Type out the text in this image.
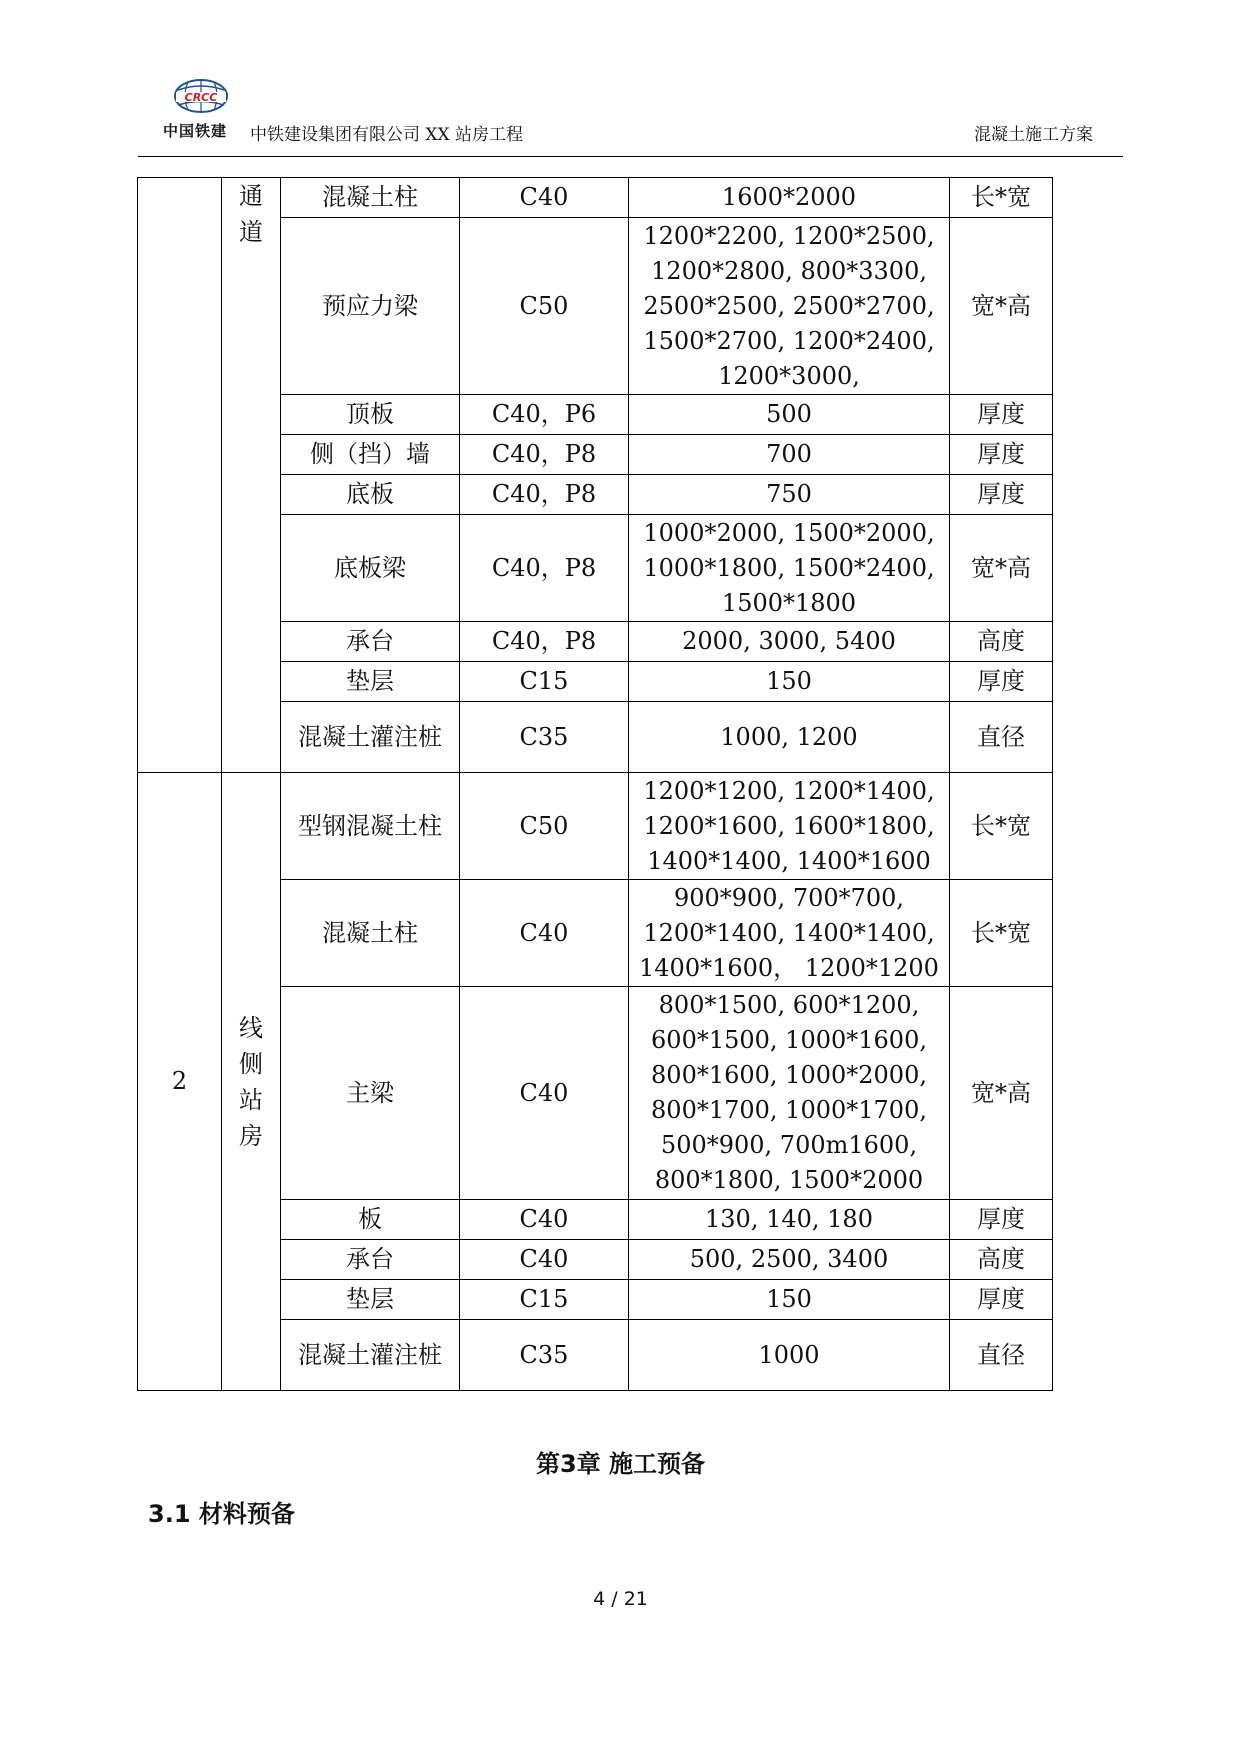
CRCC
中国铁建 中铁建设集团有限公司 XX 站房工程	混凝土施工方案

	通道	混凝土柱	C40	1600*2000	长*宽
		预应力梁	C50	1200*2200, 1200*2500, 1200*2800, 800*3300, 2500*2500, 2500*2700, 1500*2700, 1200*2400, 1200*3000,	宽*高
		顶板	C40，P6	500	厚度
		侧（挡）墙	C40，P8	700	厚度
		底板	C40，P8	750	厚度
		底板梁	C40，P8	1000*2000, 1500*2000, 1000*1800, 1500*2400, 1500*1800	宽*高
		承台	C40，P8	2000, 3000, 5400	高度
		垫层	C15	150	厚度
		混凝土灌注桩	C35	1000, 1200	直径
2	线侧站房	型钢混凝土柱	C50	1200*1200, 1200*1400, 1200*1600, 1600*1800, 1400*1400, 1400*1600	长*宽
		混凝土柱	C40	900*900, 700*700, 1200*1400, 1400*1400, 1400*1600， 1200*1200	长*宽
		主梁	C40	800*1500, 600*1200, 600*1500, 1000*1600, 800*1600, 1000*2000, 800*1700, 1000*1700, 500*900, 700m1600, 800*1800, 1500*2000	宽*高
		板	C40	130, 140, 180	厚度
		承台	C40	500, 2500, 3400	高度
		垫层	C15	150	厚度
		混凝土灌注桩	C35	1000	直径
第3章 施工预备
3.1 材料预备
4 / 21
